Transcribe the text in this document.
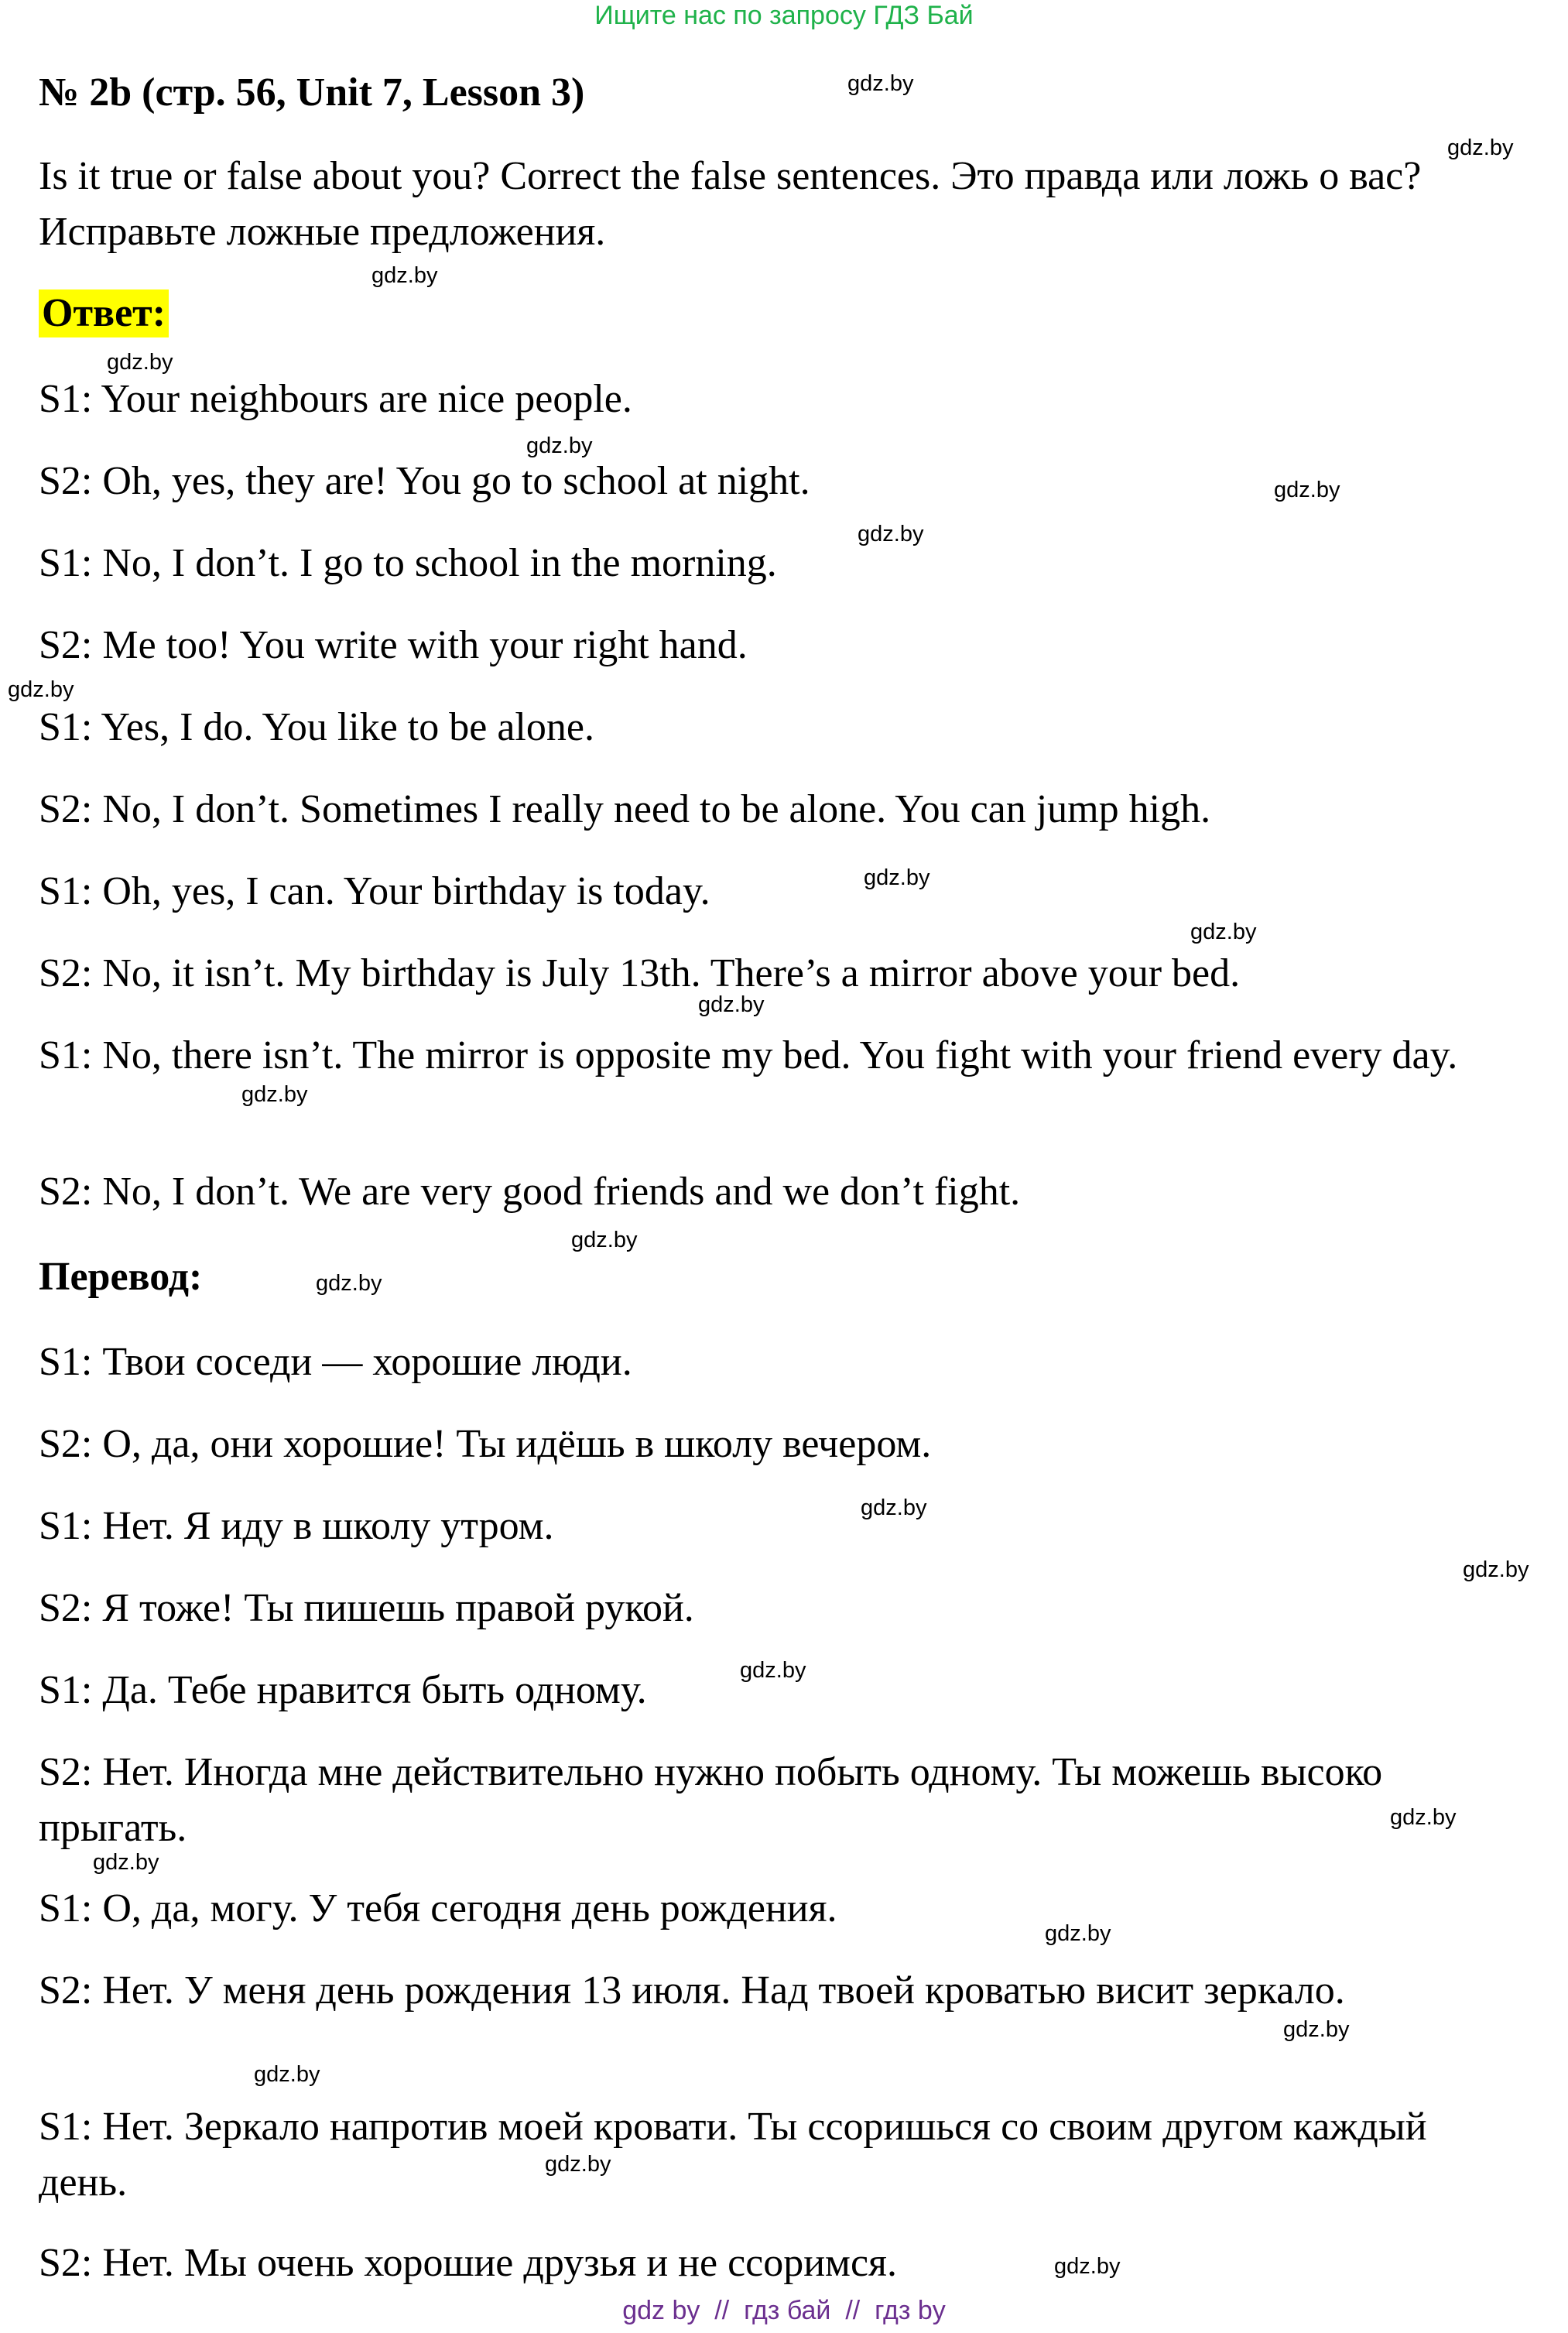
Ищите нас по запросу ГДЗ Бай
№ 2b (стр. 56, Unit 7, Lesson 3)
Is it true or false about you? Correct the false sentences. Это правда или ложь о вас? Исправьте ложные предложения.
Ответ:
S1: Your neighbours are nice people.
S2: Oh, yes, they are! You go to school at night.
S1: No, I don’t. I go to school in the morning.
S2: Me too! You write with your right hand.
S1: Yes, I do. You like to be alone.
S2: No, I don’t. Sometimes I really need to be alone. You can jump high.
S1: Oh, yes, I can. Your birthday is today.
S2: No, it isn’t. My birthday is July 13th. There’s a mirror above your bed.
S1: No, there isn’t. The mirror is opposite my bed. You fight with your friend every day.
S2: No, I don’t. We are very good friends and we don’t fight.
Перевод:
S1: Твои соседи — хорошие люди.
S2: О, да, они хорошие! Ты идёшь в школу вечером.
S1: Нет. Я иду в школу утром.
S2: Я тоже! Ты пишешь правой рукой.
S1: Да. Тебе нравится быть одному.
S2: Нет. Иногда мне действительно нужно побыть одному. Ты можешь высоко прыгать.
S1: О, да, могу. У тебя сегодня день рождения.
S2: Нет. У меня день рождения 13 июля. Над твоей кроватью висит зеркало.
S1: Нет. Зеркало напротив моей кровати. Ты ссоришься со своим другом каждый день.
S2: Нет. Мы очень хорошие друзья и не ссоримся.
gdz.by
gdz.by
gdz.by
gdz.by
gdz.by
gdz.by
gdz.by
gdz.by
gdz.by
gdz.by
gdz.by
gdz.by
gdz.by
gdz.by
gdz.by
gdz.by
gdz.by
gdz.by
gdz.by
gdz.by
gdz.by
gdz.by
gdz.by
gdz.by
gdz by  //  гдз бай  //  гдз by
